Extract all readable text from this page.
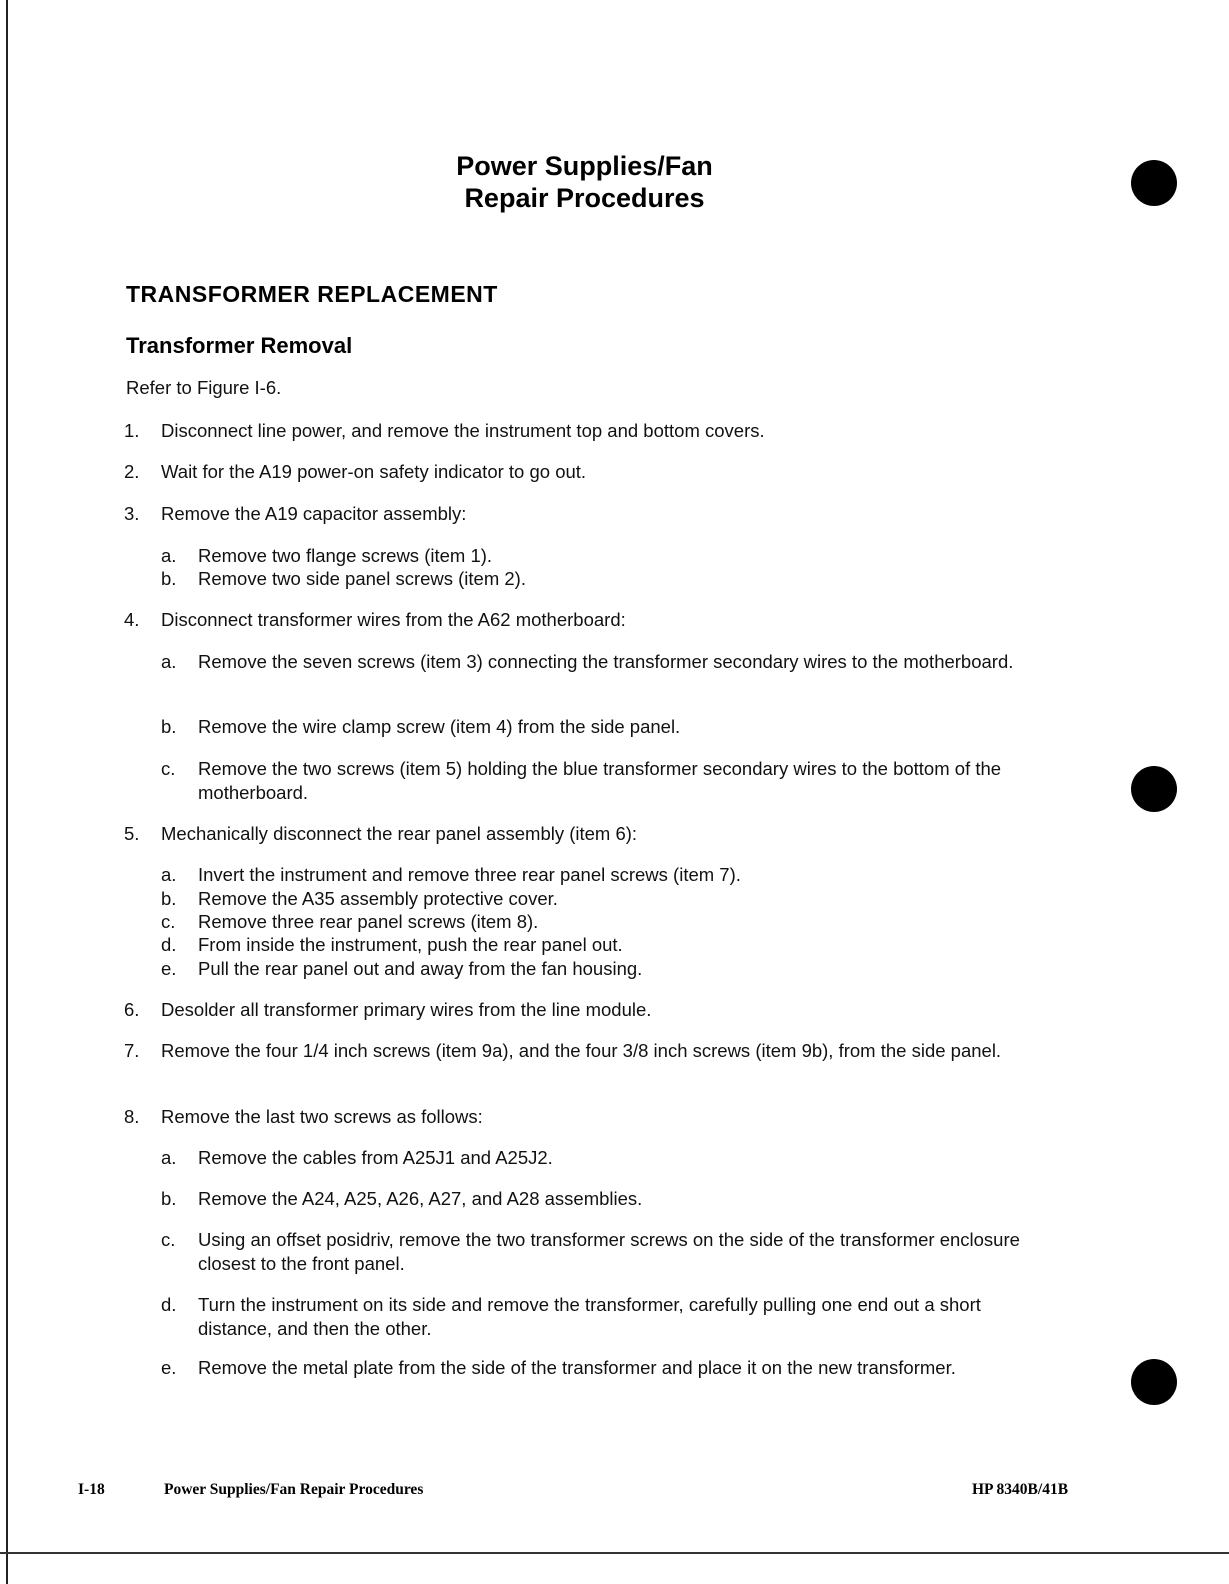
Power Supplies/Fan
Repair Procedures
TRANSFORMER REPLACEMENT
Transformer Removal
Refer to Figure I-6.
1. Disconnect line power, and remove the instrument top and bottom covers.
2. Wait for the A19 power-on safety indicator to go out.
3. Remove the A19 capacitor assembly:
a. Remove two flange screws (item 1).
b. Remove two side panel screws (item 2).
4. Disconnect transformer wires from the A62 motherboard:
a. Remove the seven screws (item 3) connecting the transformer secondary wires to the motherboard.
b. Remove the wire clamp screw (item 4) from the side panel.
c. Remove the two screws (item 5) holding the blue transformer secondary wires to the bottom of the motherboard.
5. Mechanically disconnect the rear panel assembly (item 6):
a. Invert the instrument and remove three rear panel screws (item 7).
b. Remove the A35 assembly protective cover.
c. Remove three rear panel screws (item 8).
d. From inside the instrument, push the rear panel out.
e. Pull the rear panel out and away from the fan housing.
6. Desolder all transformer primary wires from the line module.
7. Remove the four 1/4 inch screws (item 9a), and the four 3/8 inch screws (item 9b), from the side panel.
8. Remove the last two screws as follows:
a. Remove the cables from A25J1 and A25J2.
b. Remove the A24, A25, A26, A27, and A28 assemblies.
c. Using an offset posidriv, remove the two transformer screws on the side of the transformer enclosure closest to the front panel.
d. Turn the instrument on its side and remove the transformer, carefully pulling one end out a short distance, and then the other.
e. Remove the metal plate from the side of the transformer and place it on the new transformer.
I-18	Power Supplies/Fan Repair Procedures	HP 8340B/41B
